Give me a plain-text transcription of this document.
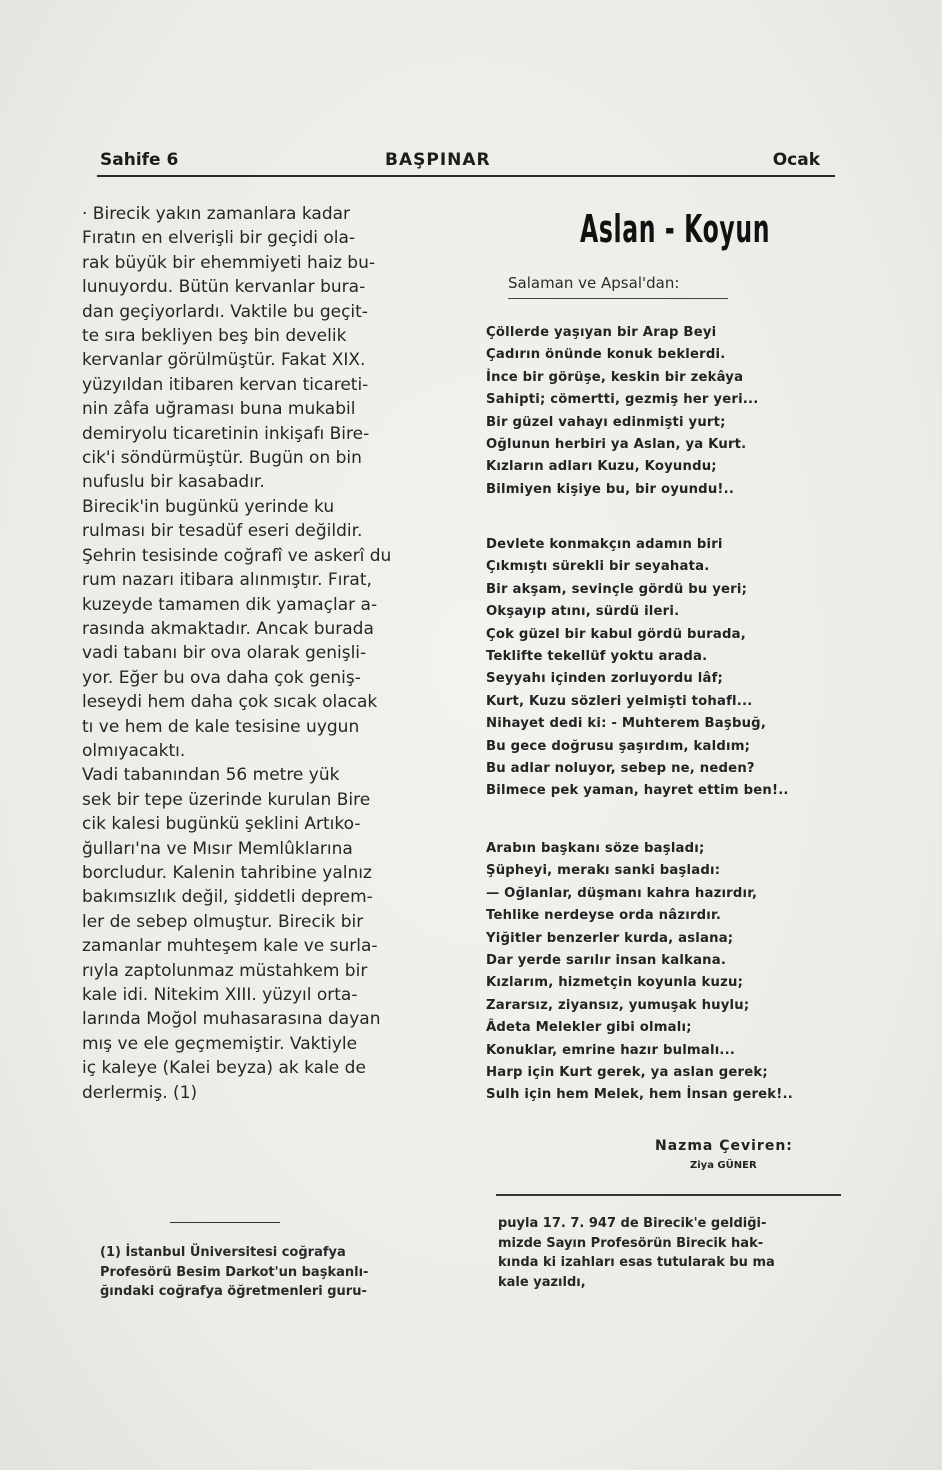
Sahife 6	BAŞPINAR	Ocak
· Birecik yakın zamanlara kadar
Fıratın en elverişli bir geçidi ola-
rak büyük bir ehemmiyeti haiz bu-
lunuyordu. Bütün kervanlar bura-
dan geçiyorlardı. Vaktile bu geçit-
te sıra bekliyen beş bin develik
kervanlar görülmüştür. Fakat XIX.
yüzyıldan itibaren kervan ticareti-
nin zâfa uğraması buna mukabil
demiryolu ticaretinin inkişafı Bire-
cik'i söndürmüştür. Bugün on bin
nufuslu bir kasabadır.
Birecik'in bugünkü yerinde ku
rulması bir tesadüf eseri değildir.
Şehrin tesisinde coğrafî ve askerî du
rum nazarı itibara alınmıştır. Fırat,
kuzeyde tamamen dik yamaçlar a-
rasında akmaktadır. Ancak burada
vadi tabanı bir ova olarak genişli-
yor. Eğer bu ova daha çok geniş-
leseydi hem daha çok sıcak olacak
tı ve hem de kale tesisine uygun
olmıyacaktı.
Vadi tabanından 56 metre yük
sek bir tepe üzerinde kurulan Bire
cik kalesi bugünkü şeklini Artıko-
ğulları'na ve Mısır Memlûklarına
borcludur. Kalenin tahribine yalnız
bakımsızlık değil, şiddetli deprem-
ler de sebep olmuştur. Birecik bir
zamanlar muhteşem kale ve surla-
rıyla zaptolunmaz müstahkem bir
kale idi. Nitekim XIII. yüzyıl orta-
larında Moğol muhasarasına dayan
mış ve ele geçmemiştir. Vaktiyle
iç kaleye (Kalei beyza) ak kale de
derlermiş. (1)
(1) İstanbul Üniversitesi coğrafya
Profesörü Besim Darkot'un başkanlı-
ğındaki coğrafya öğretmenleri guru-
Aslan - Koyun
Salaman ve Apsal'dan:
Çöllerde yaşıyan bir Arap Beyi
Çadırın önünde konuk beklerdi.
İnce bir görüşe, keskin bir zekâya
Sahipti; cömertti, gezmiş her yeri...
Bir güzel vahayı edinmişti yurt;
Oğlunun herbiri ya Aslan, ya Kurt.
Kızların adları Kuzu, Koyundu;
Bilmiyen kişiye bu, bir oyundu!..
Devlete konmakçın adamın biri
Çıkmıştı sürekli bir seyahata.
Bir akşam, sevinçle gördü bu yeri;
Okşayıp atını, sürdü ileri.
Çok güzel bir kabul gördü burada,
Teklifte tekellüf yoktu arada.
Seyyahı içinden zorluyordu lâf;
Kurt, Kuzu sözleri yelmişti tohafl...
Nihayet dedi ki: - Muhterem Başbuğ,
Bu gece doğrusu şaşırdım, kaldım;
Bu adlar noluyor, sebep ne, neden?
Bilmece pek yaman, hayret ettim ben!..
Arabın başkanı söze başladı;
Şüpheyi, merakı sanki başladı:
— Oğlanlar, düşmanı kahra hazırdır,
Tehlike nerdeyse orda nâzırdır.
Yiğitler benzerler kurda, aslana;
Dar yerde sarılır insan kalkana.
Kızlarım, hizmetçin koyunla kuzu;
Zararsız, ziyansız, yumuşak huylu;
Âdeta Melekler gibi olmalı;
Konuklar, emrine hazır bulmalı...
Harp için Kurt gerek, ya aslan gerek;
Sulh için hem Melek, hem İnsan gerek!..
Nazma Çeviren:
Ziya GÜNER
puyla 17. 7. 947 de Birecik'e geldiği-
mizde Sayın Profesörün Birecik hak-
kında ki izahları esas tutularak bu ma
kale yazıldı,
